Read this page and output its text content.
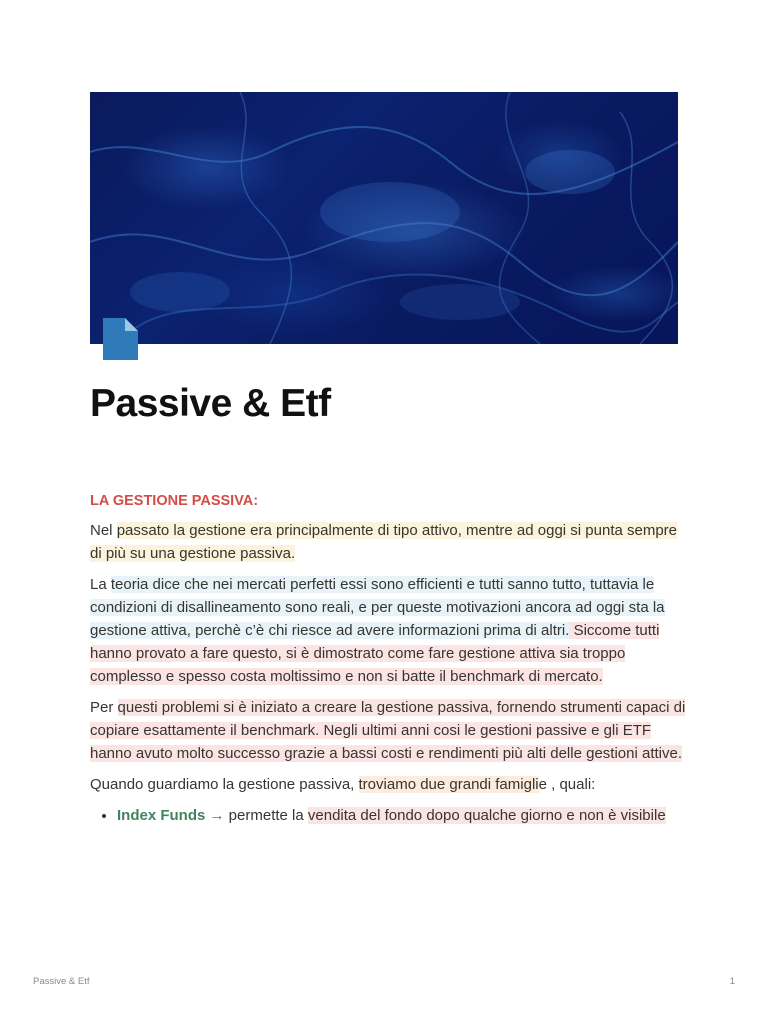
Passive & Etf
LA GESTIONE PASSIVA:

Nel passato la gestione era principalmente di tipo attivo, mentre ad oggi si punta sempre di più su una gestione passiva.

La teoria dice che nei mercati perfetti essi sono efficienti e tutti sanno tutto, tuttavia le condizioni di disallineamento sono reali, e per queste motivazioni ancora ad oggi sta la gestione attiva, perchè c’è chi riesce ad avere informazioni prima di altri. Siccome tutti hanno provato a fare questo, si è dimostrato come fare gestione attiva sia troppo complesso e spesso costa moltissimo e non si batte il benchmark di mercato.

Per questi problemi si è iniziato a creare la gestione passiva, fornendo strumenti capaci di copiare esattamente il benchmark. Negli ultimi anni cosi le gestioni passive e gli ETF hanno avuto molto successo grazie a bassi costi e rendimenti più alti delle gestioni attive.

Quando guardiamo la gestione passiva, troviamo due grandi famiglie , quali:

• Index Funds → permette la vendita del fondo dopo qualche giorno e non è visibile
Passive & Etf	1
